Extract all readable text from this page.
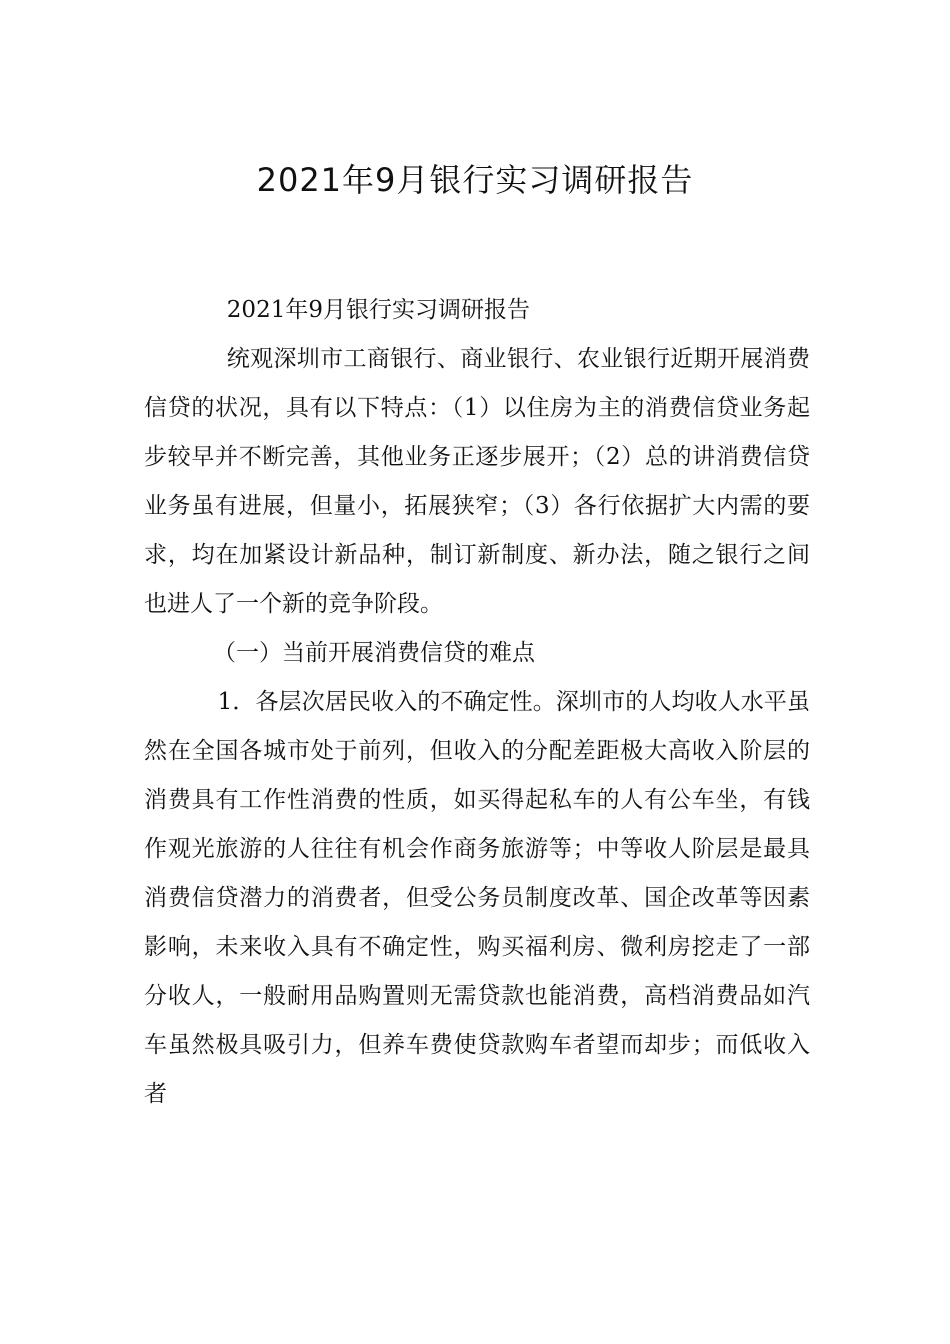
2021年9月银行实习调研报告

2021年9月银行实习调研报告

统观深圳市工商银行、商业银行、农业银行近期开展消费信贷的状况，具有以下特点：（1）以住房为主的消费信贷业务起步较早并不断完善，其他业务正逐步展开；（2）总的讲消费信贷业务虽有进展，但量小，拓展狭窄；（3）各行依据扩大内需的要求，均在加紧设计新品种，制订新制度、新办法，随之银行之间也进人了一个新的竞争阶段。

（一）当前开展消费信贷的难点

1．各层次居民收入的不确定性。深圳市的人均收人水平虽然在全国各城市处于前列，但收入的分配差距极大高收入阶层的消费具有工作性消费的性质，如买得起私车的人有公车坐，有钱作观光旅游的人往往有机会作商务旅游等；中等收人阶层是最具消费信贷潜力的消费者，但受公务员制度改革、国企改革等因素影响，未来收入具有不确定性，购买福利房、微利房挖走了一部分收人，一般耐用品购置则无需贷款也能消费，高档消费品如汽车虽然极具吸引力，但养车费使贷款购车者望而却步；而低收入者
